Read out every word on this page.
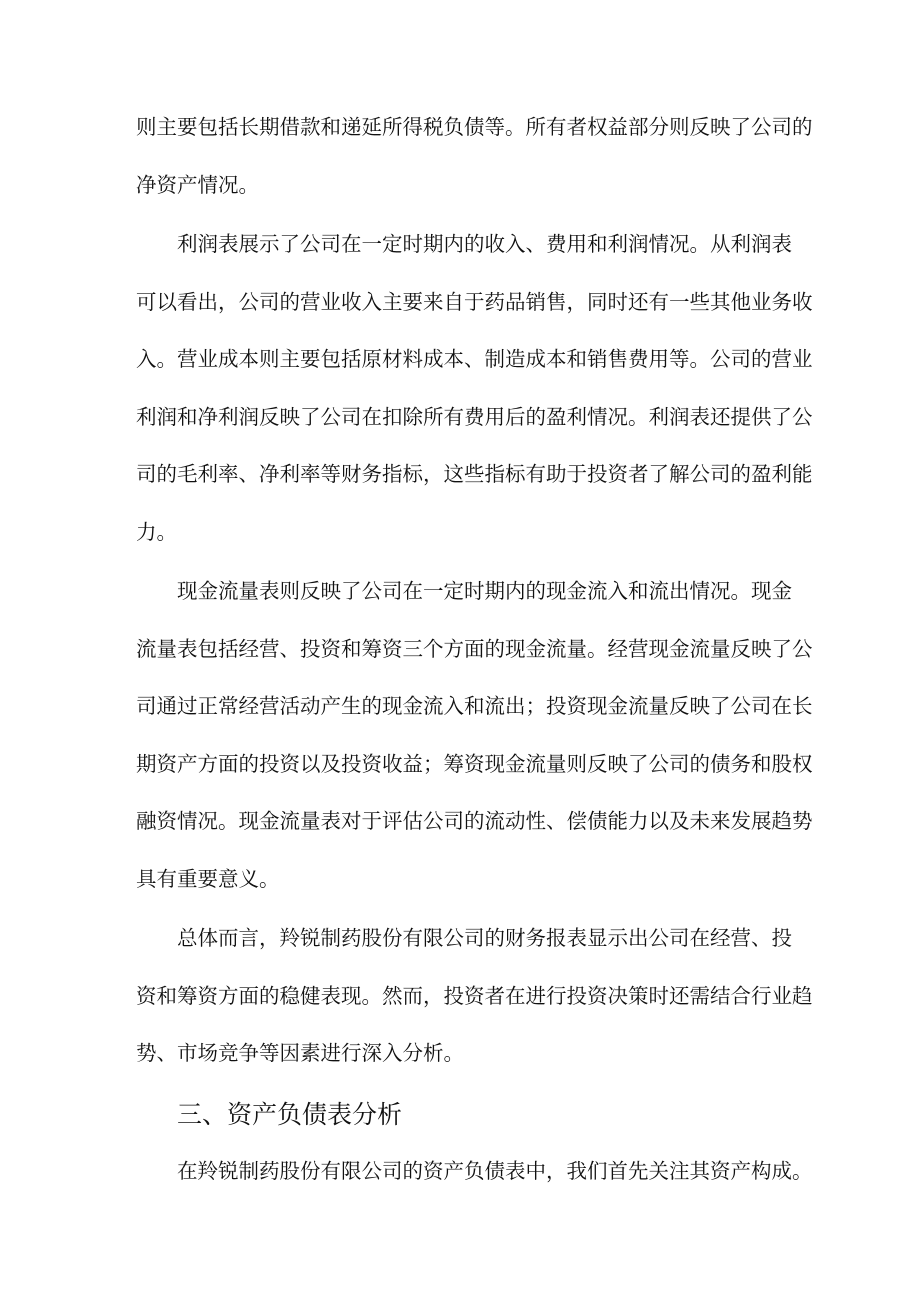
则主要包括长期借款和递延所得税负债等。所有者权益部分则反映了公司的
净资产情况。
利润表展示了公司在一定时期内的收入、费用和利润情况。从利润表
可以看出，公司的营业收入主要来自于药品销售，同时还有一些其他业务收
入。营业成本则主要包括原材料成本、制造成本和销售费用等。公司的营业
利润和净利润反映了公司在扣除所有费用后的盈利情况。利润表还提供了公
司的毛利率、净利率等财务指标，这些指标有助于投资者了解公司的盈利能
力。
现金流量表则反映了公司在一定时期内的现金流入和流出情况。现金
流量表包括经营、投资和筹资三个方面的现金流量。经营现金流量反映了公
司通过正常经营活动产生的现金流入和流出；投资现金流量反映了公司在长
期资产方面的投资以及投资收益；筹资现金流量则反映了公司的债务和股权
融资情况。现金流量表对于评估公司的流动性、偿债能力以及未来发展趋势
具有重要意义。
总体而言，羚锐制药股份有限公司的财务报表显示出公司在经营、投
资和筹资方面的稳健表现。然而，投资者在进行投资决策时还需结合行业趋
势、市场竞争等因素进行深入分析。
三、资产负债表分析
在羚锐制药股份有限公司的资产负债表中，我们首先关注其资产构成。
